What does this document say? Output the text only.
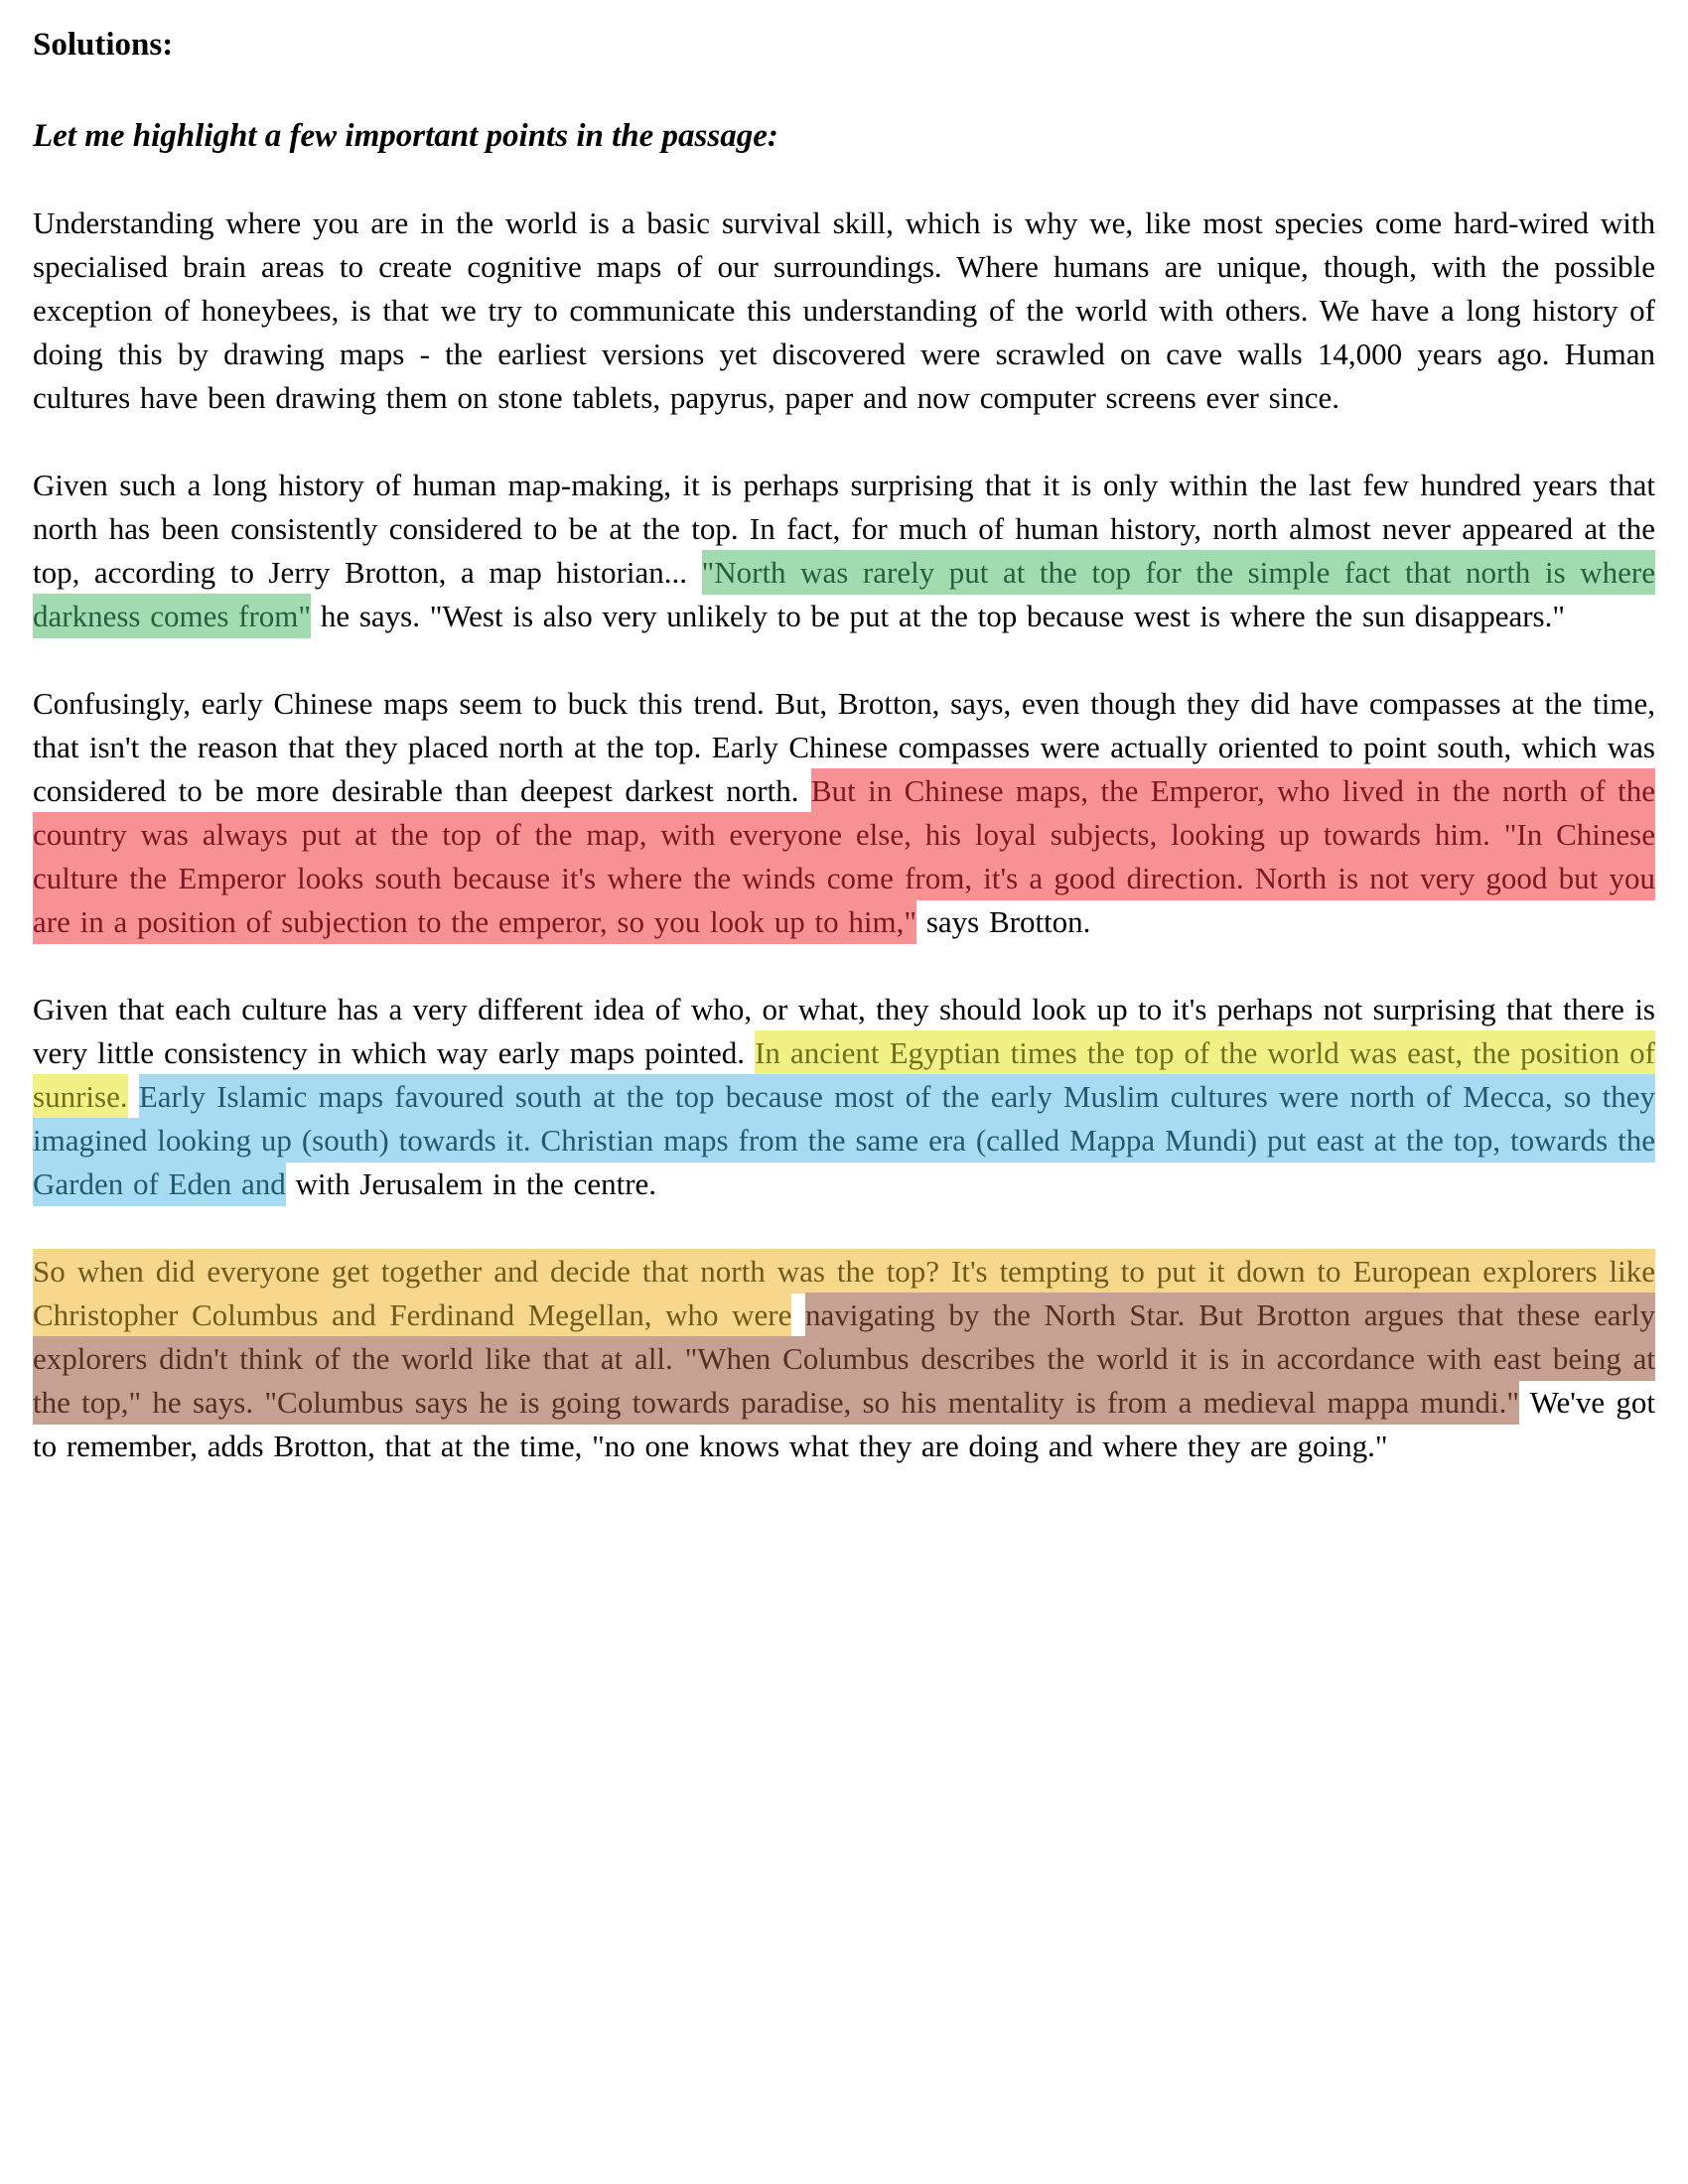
Solutions:
Let me highlight a few important points in the passage:

Understanding where you are in the world is a basic survival skill, which is why we, like most species come hard-wired with specialised brain areas to create cognitive maps of our surroundings. Where humans are unique, though, with the possible exception of honeybees, is that we try to communicate this understanding of the world with others. We have a long history of doing this by drawing maps - the earliest versions yet discovered were scrawled on cave walls 14,000 years ago. Human cultures have been drawing them on stone tablets, papyrus, paper and now computer screens ever since.

Given such a long history of human map-making, it is perhaps surprising that it is only within the last few hundred years that north has been consistently considered to be at the top. In fact, for much of human history, north almost never appeared at the top, according to Jerry Brotton, a map historian... "North was rarely put at the top for the simple fact that north is where darkness comes from" he says. "West is also very unlikely to be put at the top because west is where the sun disappears."

Confusingly, early Chinese maps seem to buck this trend. But, Brotton, says, even though they did have compasses at the time, that isn't the reason that they placed north at the top. Early Chinese compasses were actually oriented to point south, which was considered to be more desirable than deepest darkest north. But in Chinese maps, the Emperor, who lived in the north of the country was always put at the top of the map, with everyone else, his loyal subjects, looking up towards him. "In Chinese culture the Emperor looks south because it's where the winds come from, it's a good direction. North is not very good but you are in a position of subjection to the emperor, so you look up to him," says Brotton.

Given that each culture has a very different idea of who, or what, they should look up to it's perhaps not surprising that there is very little consistency in which way early maps pointed. In ancient Egyptian times the top of the world was east, the position of sunrise. Early Islamic maps favoured south at the top because most of the early Muslim cultures were north of Mecca, so they imagined looking up (south) towards it. Christian maps from the same era (called Mappa Mundi) put east at the top, towards the Garden of Eden and with Jerusalem in the centre.

So when did everyone get together and decide that north was the top? It's tempting to put it down to European explorers like Christopher Columbus and Ferdinand Megellan, who were navigating by the North Star. But Brotton argues that these early explorers didn't think of the world like that at all. "When Columbus describes the world it is in accordance with east being at the top," he says. "Columbus says he is going towards paradise, so his mentality is from a medieval mappa mundi." We've got to remember, adds Brotton, that at the time, "no one knows what they are doing and where they are going."
